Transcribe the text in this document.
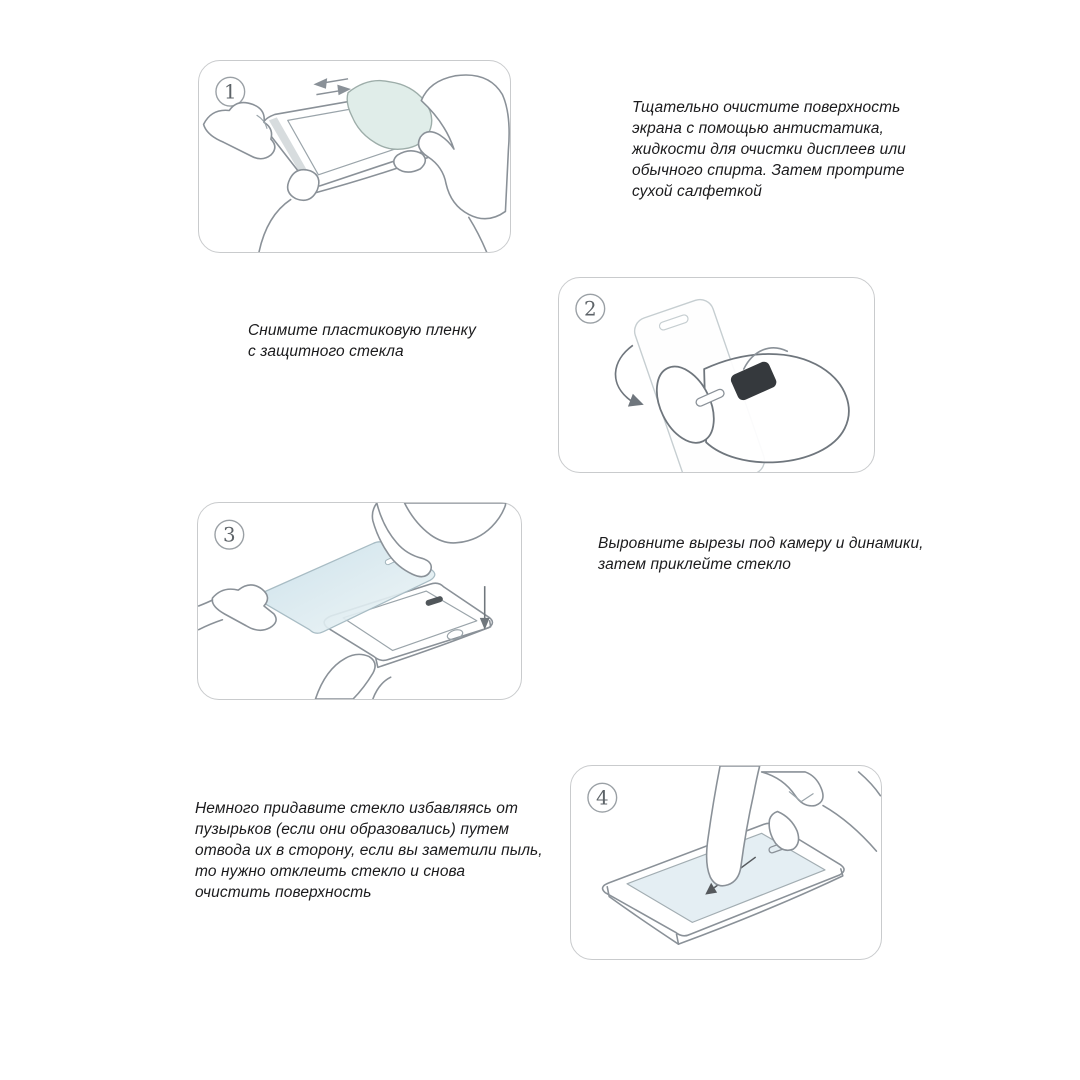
1
Тщательно очистите поверхность экрана с помощью антистатика, жидкости для очистки дисплеев или обычного спирта. Затем протрите сухой салфеткой
Снимите пластиковую пленку с защитного стекла
2
3	Выровните вырезы под камеру и динамики, затем приклейте стекло
Немного придавите стекло избавляясь от пузырьков (если они образовались) путем отвода их в сторону, если вы заметили пыль, то нужно отклеить стекло и снова очистить поверхность
4
